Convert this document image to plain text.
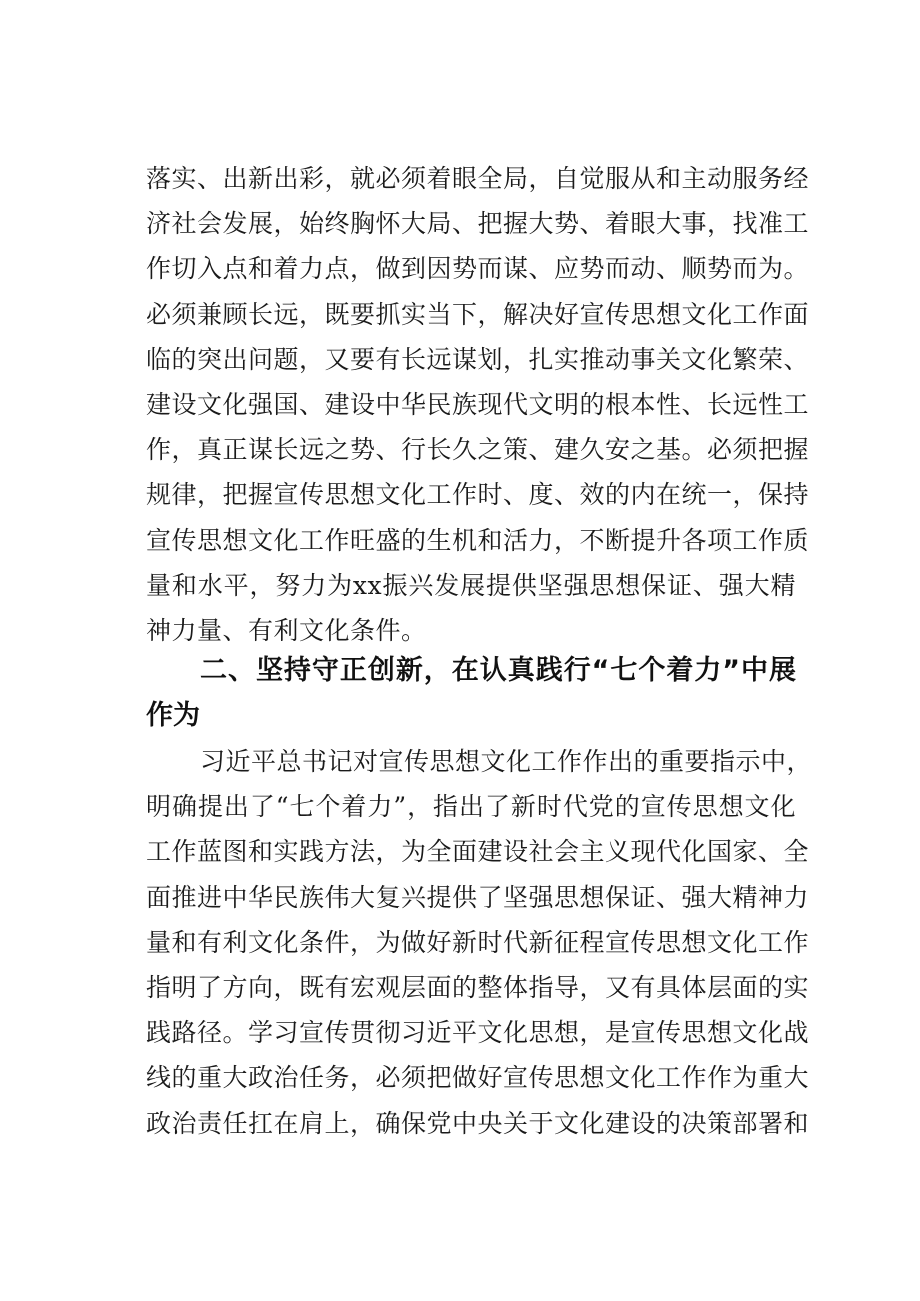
落实、出新出彩，就必须着眼全局，自觉服从和主动服务经
济社会发展，始终胸怀大局、把握大势、着眼大事，找准工
作切入点和着力点，做到因势而谋、应势而动、顺势而为。
必须兼顾长远，既要抓实当下，解决好宣传思想文化工作面
临的突出问题，又要有长远谋划，扎实推动事关文化繁荣、
建设文化强国、建设中华民族现代文明的根本性、长远性工
作，真正谋长远之势、行长久之策、建久安之基。必须把握
规律，把握宣传思想文化工作时、度、效的内在统一，保持
宣传思想文化工作旺盛的生机和活力，不断提升各项工作质
量和水平，努力为xx振兴发展提供坚强思想保证、强大精
神力量、有利文化条件。
二、坚持守正创新，在认真践行“七个着力”中展
作为
习近平总书记对宣传思想文化工作作出的重要指示中，
明确提出了“七个着力”，指出了新时代党的宣传思想文化
工作蓝图和实践方法，为全面建设社会主义现代化国家、全
面推进中华民族伟大复兴提供了坚强思想保证、强大精神力
量和有利文化条件，为做好新时代新征程宣传思想文化工作
指明了方向，既有宏观层面的整体指导，又有具体层面的实
践路径。学习宣传贯彻习近平文化思想，是宣传思想文化战
线的重大政治任务，必须把做好宣传思想文化工作作为重大
政治责任扛在肩上，确保党中央关于文化建设的决策部署和
